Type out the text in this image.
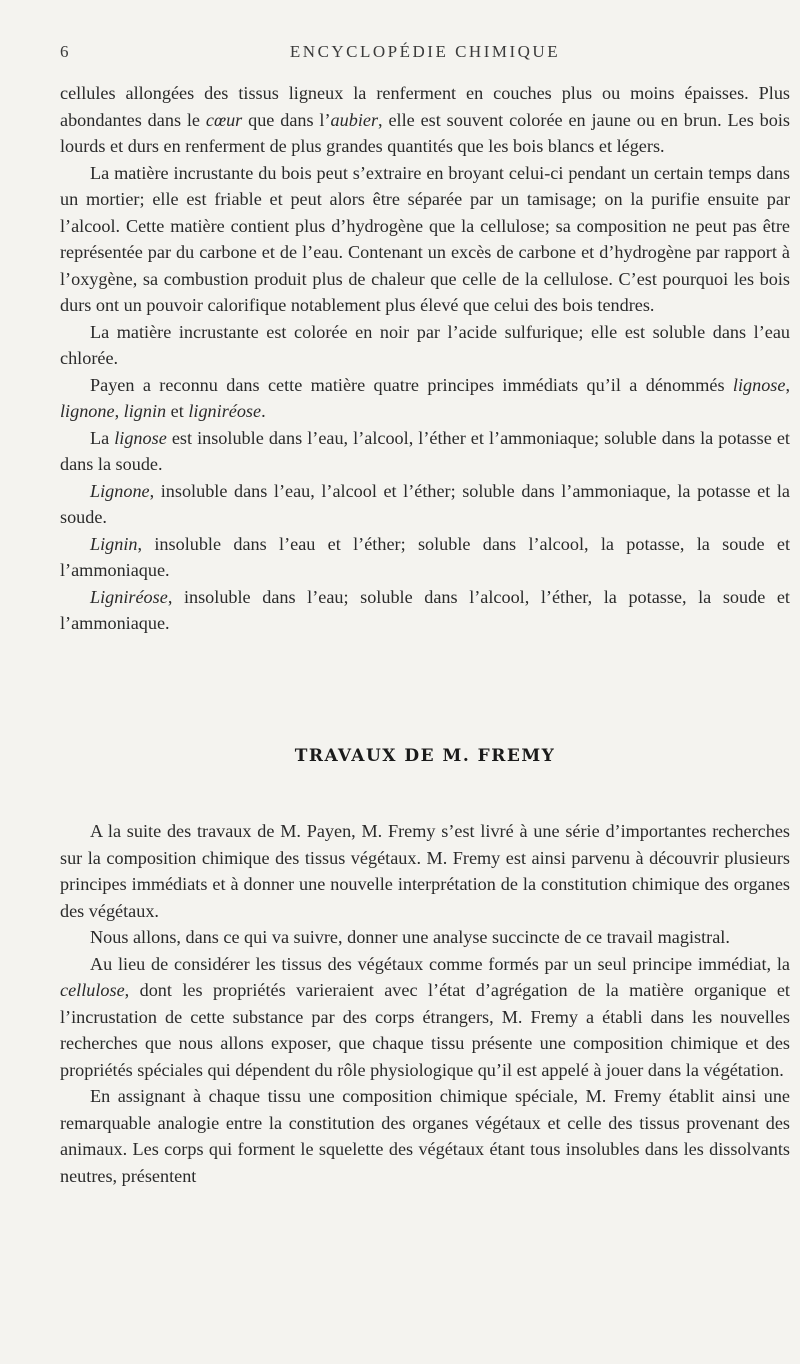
6	ENCYCLOPÉDIE CHIMIQUE

cellules allongées des tissus ligneux la renferment en couches plus ou moins épaisses. Plus abondantes dans le cœur que dans l’aubier, elle est souvent colorée en jaune ou en brun. Les bois lourds et durs en renferment de plus grandes quantités que les bois blancs et légers.

La matière incrustante du bois peut s’extraire en broyant celui-ci pendant un certain temps dans un mortier; elle est friable et peut alors être séparée par un tamisage; on la purifie ensuite par l’alcool. Cette matière contient plus d’hydrogène que la cellulose; sa composition ne peut pas être représentée par du carbone et de l’eau. Contenant un excès de carbone et d’hydrogène par rapport à l’oxygène, sa combustion produit plus de chaleur que celle de la cellulose. C’est pourquoi les bois durs ont un pouvoir calorifique notablement plus élevé que celui des bois tendres.

La matière incrustante est colorée en noir par l’acide sulfurique; elle est soluble dans l’eau chlorée.

Payen a reconnu dans cette matière quatre principes immédiats qu’il a dénommés lignose, lignone, lignin et ligniréose.

La lignose est insoluble dans l’eau, l’alcool, l’éther et l’ammoniaque; soluble dans la potasse et dans la soude.

Lignone, insoluble dans l’eau, l’alcool et l’éther; soluble dans l’ammoniaque, la potasse et la soude.

Lignin, insoluble dans l’eau et l’éther; soluble dans l’alcool, la potasse, la soude et l’ammoniaque.

Ligniréose, insoluble dans l’eau; soluble dans l’alcool, l’éther, la potasse, la soude et l’ammoniaque.

TRAVAUX DE M. FREMY

A la suite des travaux de M. Payen, M. Fremy s’est livré à une série d’importantes recherches sur la composition chimique des tissus végétaux. M. Fremy est ainsi parvenu à découvrir plusieurs principes immédiats et à donner une nouvelle interprétation de la constitution chimique des organes des végétaux.

Nous allons, dans ce qui va suivre, donner une analyse succincte de ce travail magistral.

Au lieu de considérer les tissus des végétaux comme formés par un seul principe immédiat, la cellulose, dont les propriétés varieraient avec l’état d’agrégation de la matière organique et l’incrustation de cette substance par des corps étrangers, M. Fremy a établi dans les nouvelles recherches que nous allons exposer, que chaque tissu présente une composition chimique et des propriétés spéciales qui dépendent du rôle physiologique qu’il est appelé à jouer dans la végétation.

En assignant à chaque tissu une composition chimique spéciale, M. Fremy établit ainsi une remarquable analogie entre la constitution des organes végétaux et celle des tissus provenant des animaux. Les corps qui forment le squelette des végétaux étant tous insolubles dans les dissolvants neutres, présentent
